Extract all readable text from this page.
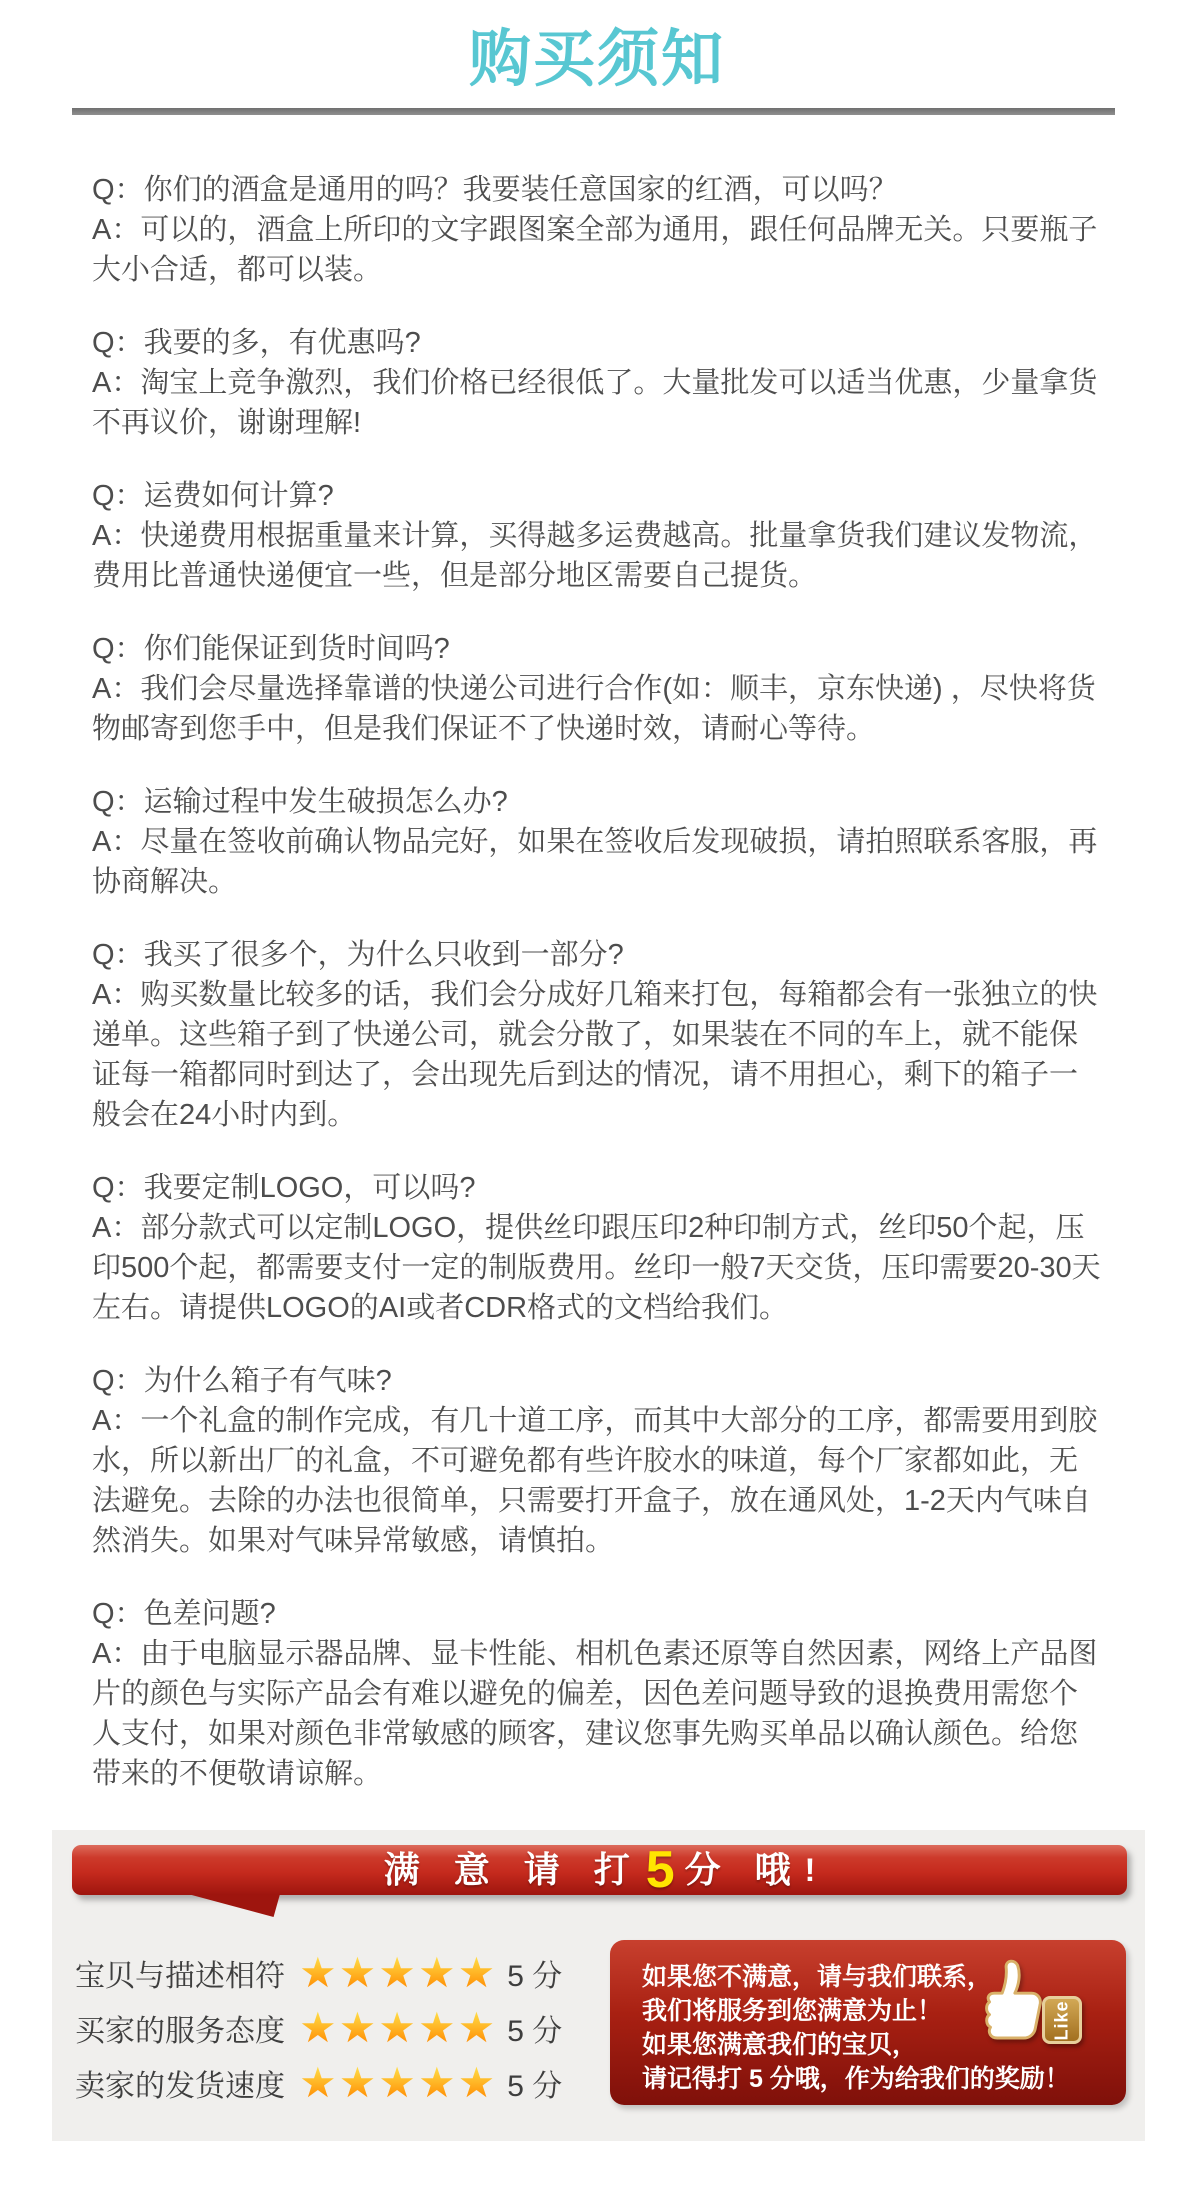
购买须知
Q：你们的酒盒是通用的吗？我要装任意国家的红酒，可以吗？
A：可以的，酒盒上所印的文字跟图案全部为通用，跟任何品牌无关。只要瓶子大小合适，都可以装。
Q：我要的多，有优惠吗?
A：淘宝上竞争激烈，我们价格已经很低了。大量批发可以适当优惠，少量拿货不再议价，谢谢理解!
Q：运费如何计算?
A：快递费用根据重量来计算，买得越多运费越高。批量拿货我们建议发物流，费用比普通快递便宜一些，但是部分地区需要自己提货。
Q：你们能保证到货时间吗?
A：我们会尽量选择靠谱的快递公司进行合作(如：顺丰，京东快递) ，尽快将货物邮寄到您手中，但是我们保证不了快递时效，请耐心等待。
Q：运输过程中发生破损怎么办?
A：尽量在签收前确认物品完好，如果在签收后发现破损，请拍照联系客服，再协商解决。
Q：我买了很多个，为什么只收到一部分?
A：购买数量比较多的话，我们会分成好几箱来打包，每箱都会有一张独立的快递单。这些箱子到了快递公司，就会分散了，如果装在不同的车上，就不能保证每一箱都同时到达了，会出现先后到达的情况，请不用担心，剩下的箱子一般会在24小时内到。
Q：我要定制LOGO，可以吗?
A：部分款式可以定制LOGO，提供丝印跟压印2种印制方式，丝印50个起，压印500个起，都需要支付一定的制版费用。丝印一般7天交货，压印需要20-30天左右。请提供LOGO的AI或者CDR格式的文档给我们。
Q：为什么箱子有气味?
A：一个礼盒的制作完成，有几十道工序，而其中大部分的工序，都需要用到胶水，所以新出厂的礼盒，不可避免都有些许胶水的味道，每个厂家都如此，无法避免。去除的办法也很简单，只需要打开盒子，放在通风处，1-2天内气味自然消失。如果对气味异常敏感，请慎拍。
Q：色差问题?
A：由于电脑显示器品牌、显卡性能、相机色素还原等自然因素，网络上产品图片的颜色与实际产品会有难以避免的偏差，因色差问题导致的退换费用需您个人支付，如果对颜色非常敏感的顾客，建议您事先购买单品以确认颜色。给您带来的不便敬请谅解。
满 意 请 打 5 分 哦 !
宝贝与描述相符 ★★★★★ 5 分
买家的服务态度 ★★★★★ 5 分
卖家的发货速度 ★★★★★ 5 分
如果您不满意，请与我们联系，
我们将服务到您满意为止！
如果您满意我们的宝贝，
请记得打 5 分哦，作为给我们的奖励！
Like
